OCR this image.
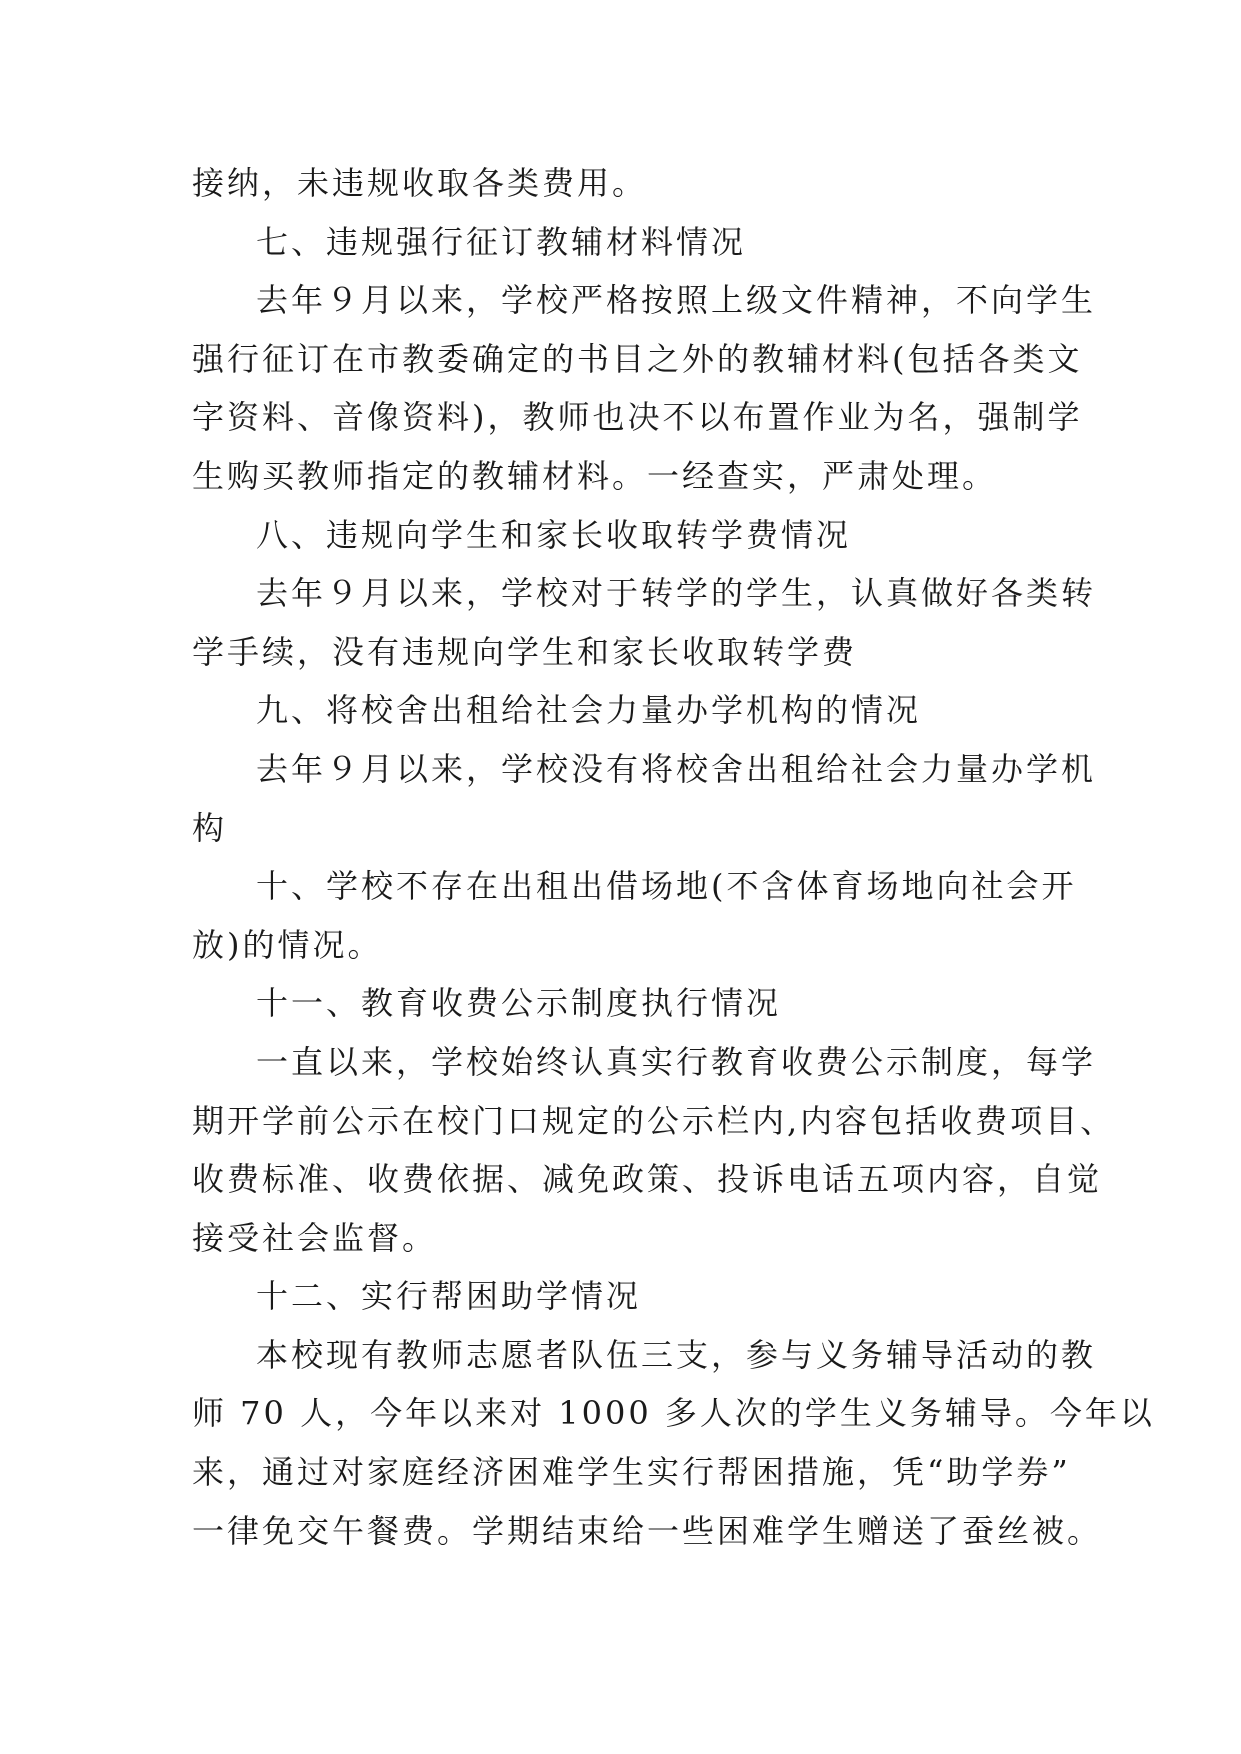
接纳，未违规收取各类费用。
七、违规强行征订教辅材料情况
去年９月以来，学校严格按照上级文件精神，不向学生
强行征订在市教委确定的书目之外的教辅材料(包括各类文
字资料、音像资料)，教师也决不以布置作业为名，强制学
生购买教师指定的教辅材料。一经查实，严肃处理。
八、违规向学生和家长收取转学费情况
去年９月以来，学校对于转学的学生，认真做好各类转
学手续，没有违规向学生和家长收取转学费
九、将校舍出租给社会力量办学机构的情况
去年９月以来，学校没有将校舍出租给社会力量办学机
构
十、学校不存在出租出借场地(不含体育场地向社会开
放)的情况。
十一、教育收费公示制度执行情况
一直以来，学校始终认真实行教育收费公示制度，每学
期开学前公示在校门口规定的公示栏内,内容包括收费项目、
收费标准、收费依据、减免政策、投诉电话五项内容，自觉
接受社会监督。
十二、实行帮困助学情况
本校现有教师志愿者队伍三支，参与义务辅导活动的教
师 70 人，今年以来对 1000 多人次的学生义务辅导。今年以
来，通过对家庭经济困难学生实行帮困措施，凭“助学券”
一律免交午餐费。学期结束给一些困难学生赠送了蚕丝被。
